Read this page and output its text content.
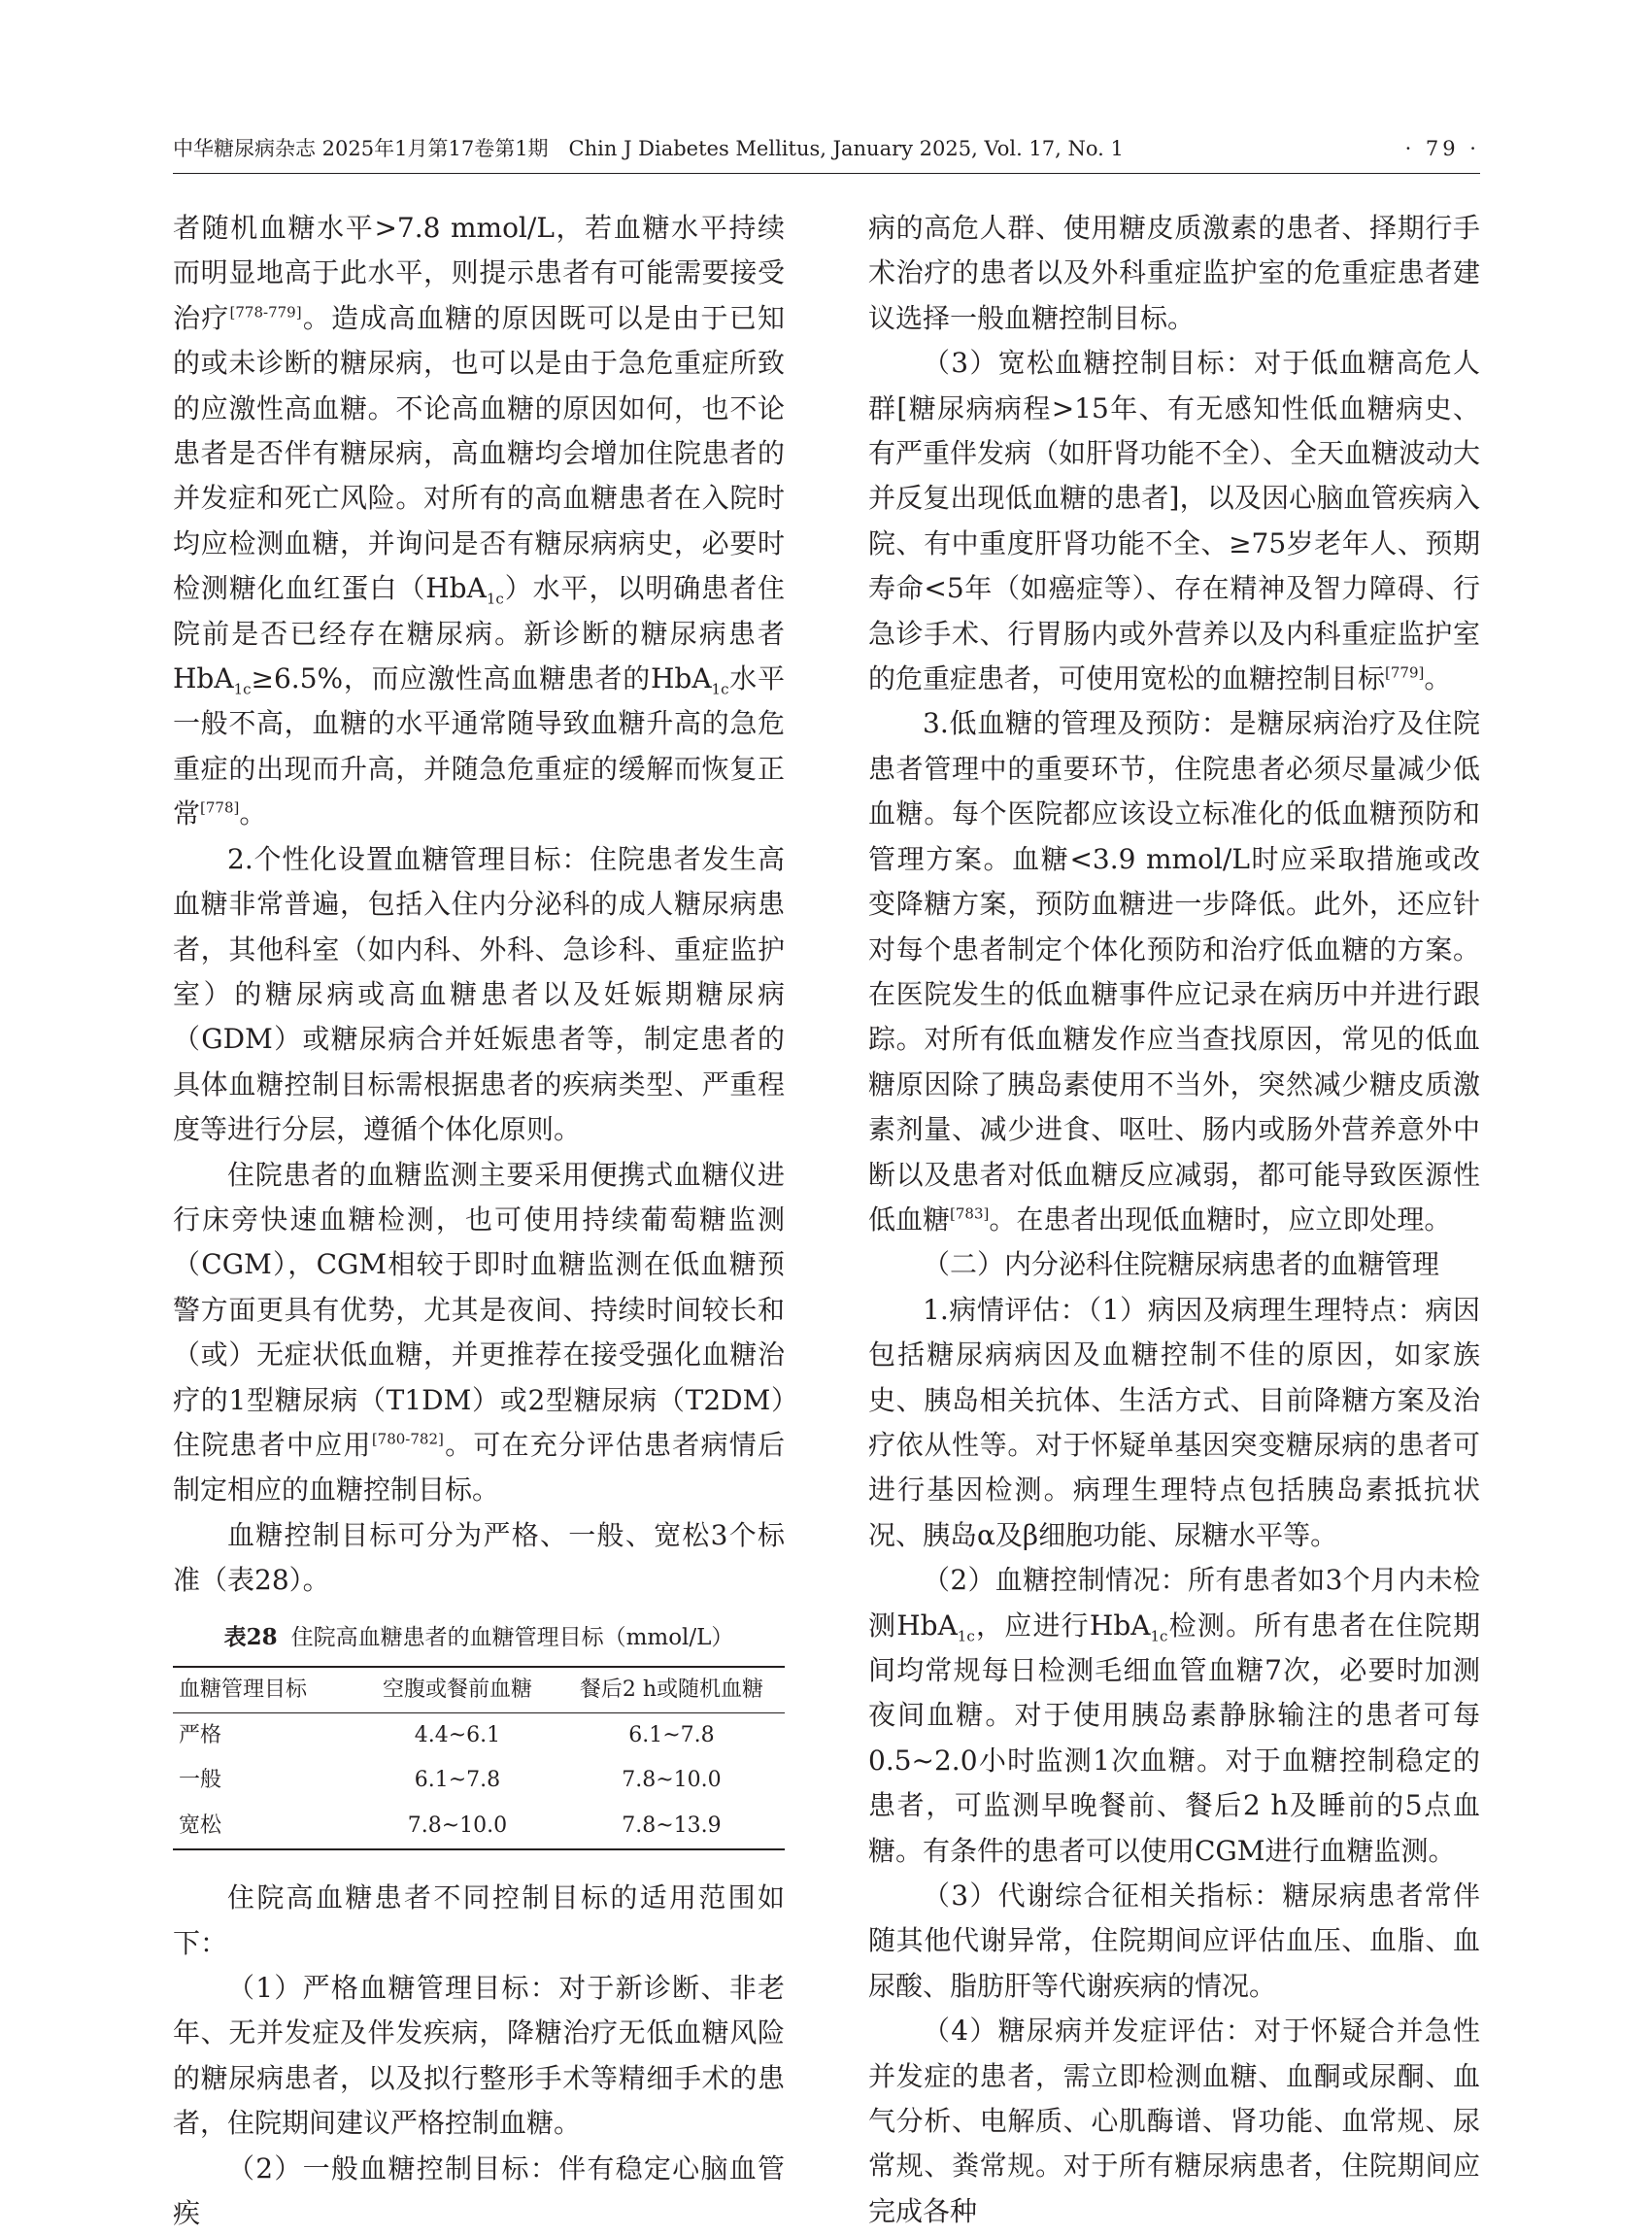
中华糖尿病杂志 2025年1月第17卷第1期　Chin J Diabetes Mellitus, January 2025, Vol. 17, No. 1	· 79 ·

者随机血糖水平>7.8 mmol/L，若血糖水平持续而明显地高于此水平，则提示患者有可能需要接受治疗[778‑779]。造成高血糖的原因既可以是由于已知的或未诊断的糖尿病，也可以是由于急危重症所致的应激性高血糖。不论高血糖的原因如何，也不论患者是否伴有糖尿病，高血糖均会增加住院患者的并发症和死亡风险。对所有的高血糖患者在入院时均应检测血糖，并询问是否有糖尿病病史，必要时检测糖化血红蛋白（HbA$_{1c}$）水平，以明确患者住院前是否已经存在糖尿病。新诊断的糖尿病患者HbA$_{1c}$≥6.5%，而应激性高血糖患者的HbA$_{1c}$水平一般不高，血糖的水平通常随导致血糖升高的急危重症的出现而升高，并随急危重症的缓解而恢复正常[778]。

2.个性化设置血糖管理目标：住院患者发生高血糖非常普遍，包括入住内分泌科的成人糖尿病患者，其他科室（如内科、外科、急诊科、重症监护室）的糖尿病或高血糖患者以及妊娠期糖尿病（GDM）或糖尿病合并妊娠患者等，制定患者的具体血糖控制目标需根据患者的疾病类型、严重程度等进行分层，遵循个体化原则。

住院患者的血糖监测主要采用便携式血糖仪进行床旁快速血糖检测，也可使用持续葡萄糖监测（CGM），CGM相较于即时血糖监测在低血糖预警方面更具有优势，尤其是夜间、持续时间较长和（或）无症状低血糖，并更推荐在接受强化血糖治疗的1型糖尿病（T1DM）或2型糖尿病（T2DM）住院患者中应用[780‑782]。可在充分评估患者病情后制定相应的血糖控制目标。

血糖控制目标可分为严格、一般、宽松3个标准（表28）。

表28 住院高血糖患者的血糖管理目标（mmol/L）
血糖管理目标	空腹或餐前血糖	餐后2 h或随机血糖
严格	4.4~6.1	6.1~7.8
一般	6.1~7.8	7.8~10.0
宽松	7.8~10.0	7.8~13.9

住院高血糖患者不同控制目标的适用范围如下：

（1）严格血糖管理目标：对于新诊断、非老年、无并发症及伴发疾病，降糖治疗无低血糖风险的糖尿病患者，以及拟行整形手术等精细手术的患者，住院期间建议严格控制血糖。

（2）一般血糖控制目标：伴有稳定心脑血管疾

病的高危人群、使用糖皮质激素的患者、择期行手术治疗的患者以及外科重症监护室的危重症患者建议选择一般血糖控制目标。

（3）宽松血糖控制目标：对于低血糖高危人群[糖尿病病程>15年、有无感知性低血糖病史、有严重伴发病（如肝肾功能不全）、全天血糖波动大并反复出现低血糖的患者]，以及因心脑血管疾病入院、有中重度肝肾功能不全、≥75岁老年人、预期寿命<5年（如癌症等）、存在精神及智力障碍、行急诊手术、行胃肠内或外营养以及内科重症监护室的危重症患者，可使用宽松的血糖控制目标[779]。

3.低血糖的管理及预防：是糖尿病治疗及住院患者管理中的重要环节，住院患者必须尽量减少低血糖。每个医院都应该设立标准化的低血糖预防和管理方案。血糖<3.9 mmol/L时应采取措施或改变降糖方案，预防血糖进一步降低。此外，还应针对每个患者制定个体化预防和治疗低血糖的方案。在医院发生的低血糖事件应记录在病历中并进行跟踪。对所有低血糖发作应当查找原因，常见的低血糖原因除了胰岛素使用不当外，突然减少糖皮质激素剂量、减少进食、呕吐、肠内或肠外营养意外中断以及患者对低血糖反应减弱，都可能导致医源性低血糖[783]。在患者出现低血糖时，应立即处理。

（二）内分泌科住院糖尿病患者的血糖管理

1.病情评估：（1）病因及病理生理特点：病因包括糖尿病病因及血糖控制不佳的原因，如家族史、胰岛相关抗体、生活方式、目前降糖方案及治疗依从性等。对于怀疑单基因突变糖尿病的患者可进行基因检测。病理生理特点包括胰岛素抵抗状况、胰岛α及β细胞功能、尿糖水平等。

（2）血糖控制情况：所有患者如3个月内未检测HbA$_{1c}$，应进行HbA$_{1c}$检测。所有患者在住院期间均常规每日检测毛细血管血糖7次，必要时加测夜间血糖。对于使用胰岛素静脉输注的患者可每0.5~2.0小时监测1次血糖。对于血糖控制稳定的患者，可监测早晚餐前、餐后2 h及睡前的5点血糖。有条件的患者可以使用CGM进行血糖监测。

（3）代谢综合征相关指标：糖尿病患者常伴随其他代谢异常，住院期间应评估血压、血脂、血尿酸、脂肪肝等代谢疾病的情况。

（4）糖尿病并发症评估：对于怀疑合并急性并发症的患者，需立即检测血糖、血酮或尿酮、血气分析、电解质、心肌酶谱、肾功能、血常规、尿常规、粪常规。对于所有糖尿病患者，住院期间应完成各种
